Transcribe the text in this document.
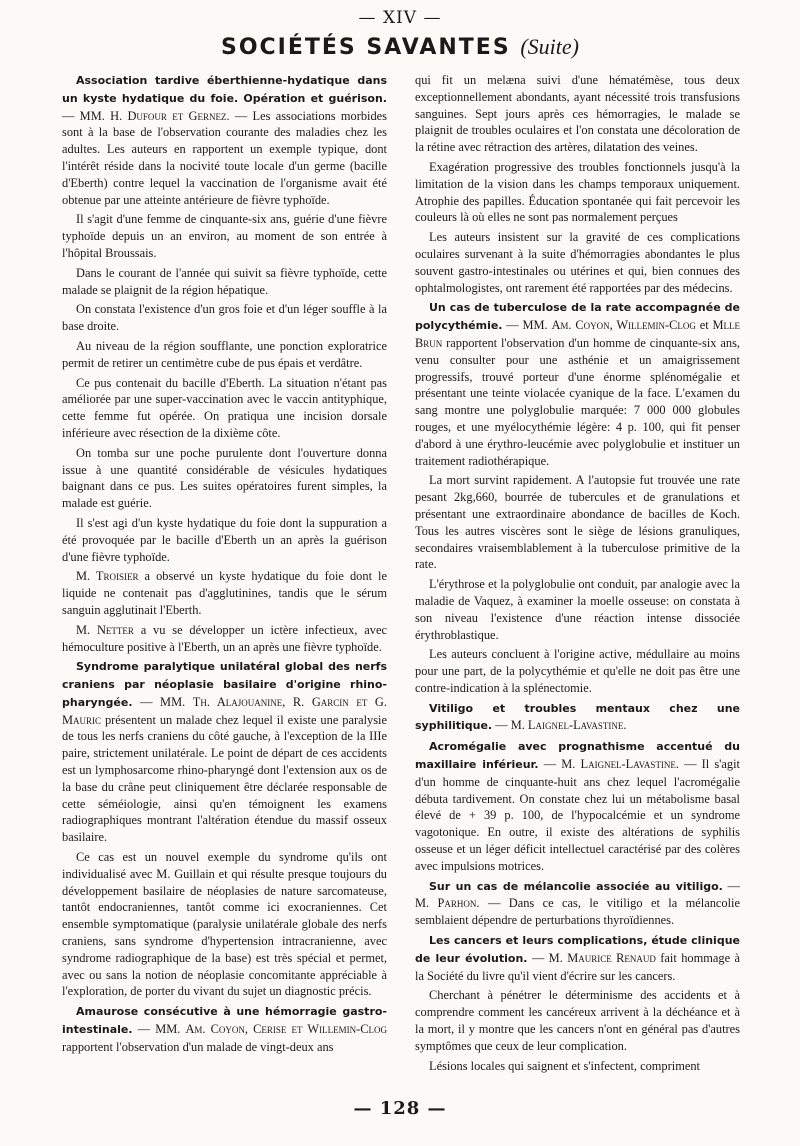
— XIV —
SOCIÉTÉS SAVANTES (Suite)

Association tardive éberthienne-hydatique dans un kyste hydatique du foie. Opération et guérison. — MM. H. Dufour et Gernez. — Les associations morbides sont à la base de l'observation courante des maladies chez les adultes. Les auteurs en rapportent un exemple typique, dont l'intérêt réside dans la nocivité toute locale d'un germe (bacille d'Eberth) contre lequel la vaccination de l'organisme avait été obtenue par une atteinte antérieure de fièvre typhoïde.

Il s'agit d'une femme de cinquante-six ans, guérie d'une fièvre typhoïde depuis un an environ, au moment de son entrée à l'hôpital Broussais.

Dans le courant de l'année qui suivit sa fièvre typhoïde, cette malade se plaignit de la région hépatique.

On constata l'existence d'un gros foie et d'un léger souffle à la base droite.

Au niveau de la région soufflante, une ponction exploratrice permit de retirer un centimètre cube de pus épais et verdâtre.

Ce pus contenait du bacille d'Eberth. La situation n'étant pas améliorée par une super-vaccination avec le vaccin antityphique, cette femme fut opérée. On pratiqua une incision dorsale inférieure avec résection de la dixième côte.

On tomba sur une poche purulente dont l'ouverture donna issue à une quantité considérable de vésicules hydatiques baignant dans ce pus. Les suites opératoires furent simples, la malade est guérie.

Il s'est agi d'un kyste hydatique du foie dont la suppuration a été provoquée par le bacille d'Eberth un an après la guérison d'une fièvre typhoïde.

M. Troisier a observé un kyste hydatique du foie dont le liquide ne contenait pas d'agglutinines, tandis que le sérum sanguin agglutinait l'Eberth.

M. Netter a vu se développer un ictère infectieux, avec hémoculture positive à l'Eberth, un an après une fièvre typhoïde.

Syndrome paralytique unilatéral global des nerfs craniens par néoplasie basilaire d'origine rhino-pharyngée. — MM. Th. Alajouanine, R. Garcin et G. Mauric présentent un malade chez lequel il existe une paralysie de tous les nerfs craniens du côté gauche, à l'exception de la IIIe paire, strictement unilatérale. Le point de départ de ces accidents est un lymphosarcome rhino-pharyngé dont l'extension aux os de la base du crâne peut cliniquement être déclarée responsable de cette séméiologie, ainsi qu'en témoignent les examens radiographiques montrant l'altération étendue du massif osseux basilaire.

Ce cas est un nouvel exemple du syndrome qu'ils ont individualisé avec M. Guillain et qui résulte presque toujours du développement basilaire de néoplasies de nature sarcomateuse, tantôt endocraniennes, tantôt comme ici exocraniennes. Cet ensemble symptomatique (paralysie unilatérale globale des nerfs craniens, sans syndrome d'hypertension intracranienne, avec syndrome radiographique de la base) est très spécial et permet, avec ou sans la notion de néoplasie concomitante appréciable à l'exploration, de porter du vivant du sujet un diagnostic précis.

Amaurose consécutive à une hémorragie gastro-intestinale. — MM. Am. Coyon, Cerise et Willemin-Clog rapportent l'observation d'un malade de vingt-deux ans

qui fit un melæna suivi d'une hématémèse, tous deux exceptionnellement abondants, ayant nécessité trois transfusions sanguines. Sept jours après ces hémorragies, le malade se plaignit de troubles oculaires et l'on constata une décoloration de la rétine avec rétraction des artères, dilatation des veines.

Exagération progressive des troubles fonctionnels jusqu'à la limitation de la vision dans les champs temporaux uniquement. Atrophie des papilles. Éducation spontanée qui fait percevoir les couleurs là où elles ne sont pas normalement perçues

Les auteurs insistent sur la gravité de ces complications oculaires survenant à la suite d'hémorragies abondantes le plus souvent gastro-intestinales ou utérines et qui, bien connues des ophtalmologistes, ont rarement été rapportées par des médecins.

Un cas de tuberculose de la rate accompagnée de polycythémie. — MM. Am. Coyon, Willemin-Clog et Mlle Brun rapportent l'observation d'un homme de cinquante-six ans, venu consulter pour une asthénie et un amaigrissement progressifs, trouvé porteur d'une énorme splénomégalie et présentant une teinte violacée cyanique de la face. L'examen du sang montre une polyglobulie marquée: 7 000 000 globules rouges, et une myélocythémie légère: 4 p. 100, qui fit penser d'abord à une érythro-leucémie avec polyglobulie et instituer un traitement radiothérapique.

La mort survint rapidement. A l'autopsie fut trouvée une rate pesant 2kg,660, bourrée de tubercules et de granulations et présentant une extraordinaire abondance de bacilles de Koch. Tous les autres viscères sont le siège de lésions granuliques, secondaires vraisemblablement à la tuberculose primitive de la rate.

L'érythrose et la polyglobulie ont conduit, par analogie avec la maladie de Vaquez, à examiner la moelle osseuse: on constata à son niveau l'existence d'une réaction intense dissociée érythroblastique.

Les auteurs concluent à l'origine active, médullaire au moins pour une part, de la polycythémie et qu'elle ne doit pas être une contre-indication à la splénectomie.

Vitiligo et troubles mentaux chez une syphilitique. — M. Laignel-Lavastine.

Acromégalie avec prognathisme accentué du maxillaire inférieur. — M. Laignel-Lavastine. — Il s'agit d'un homme de cinquante-huit ans chez lequel l'acromégalie débuta tardivement. On constate chez lui un métabolisme basal élevé de + 39 p. 100, de l'hypocalcémie et un syndrome vagotonique. En outre, il existe des altérations de syphilis osseuse et un léger déficit intellectuel caractérisé par des colères avec impulsions motrices.

Sur un cas de mélancolie associée au vitiligo. — M. Parhon. — Dans ce cas, le vitiligo et la mélancolie semblaient dépendre de perturbations thyroïdiennes.

Les cancers et leurs complications, étude clinique de leur évolution. — M. Maurice Renaud fait hommage à la Société du livre qu'il vient d'écrire sur les cancers.

Cherchant à pénétrer le déterminisme des accidents et à comprendre comment les cancéreux arrivent à la déchéance et à la mort, il y montre que les cancers n'ont en général pas d'autres symptômes que ceux de leur complication.

Lésions locales qui saignent et s'infectent, compriment

— 128 —
